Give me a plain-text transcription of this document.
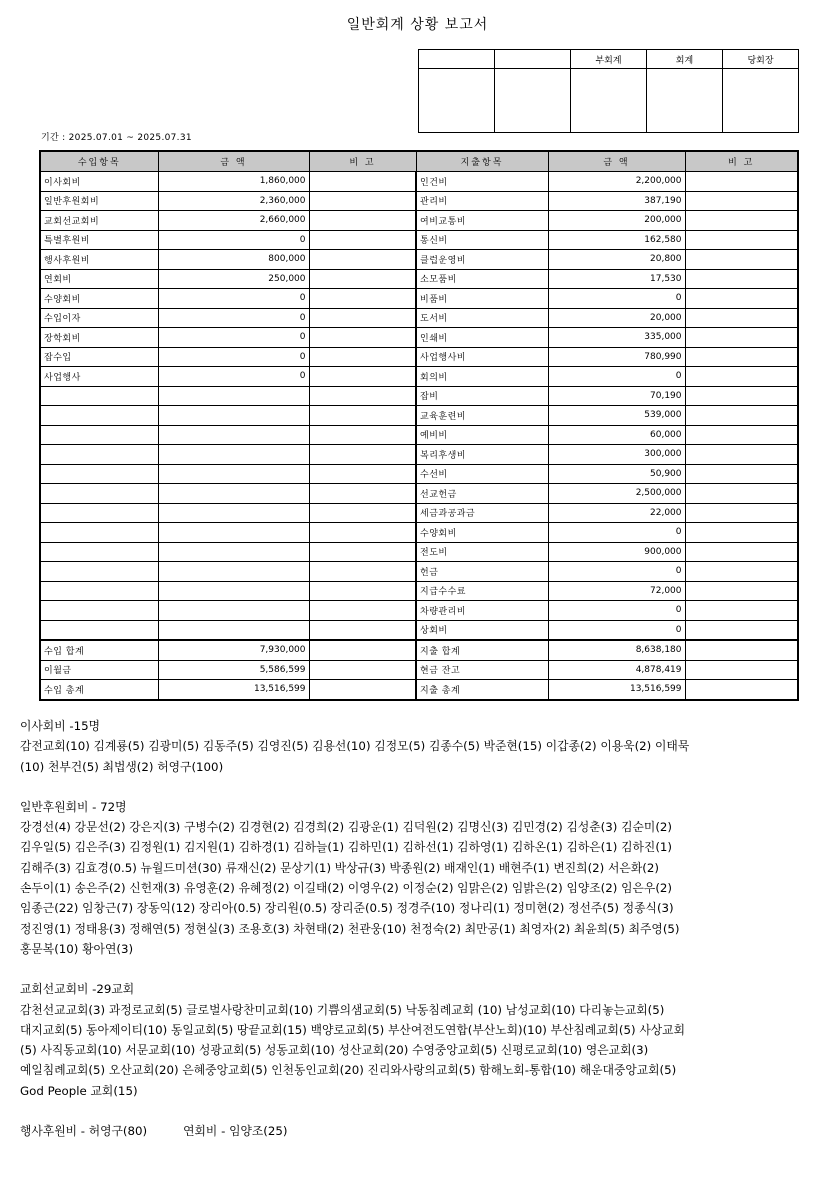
일반회계 상황 보고서
		부회계	회계	당회장

기간 : 2025.07.01 ~ 2025.07.31
수입항목	금 액	비 고	지출항목	금 액	비 고
이사회비	1,860,000		인건비	2,200,000	
일반후원회비	2,360,000		관리비	387,190	
교회선교회비	2,660,000		여비교통비	200,000	
특별후원비	0		통신비	162,580	
행사후원비	800,000		클럽운영비	20,800	
연회비	250,000		소모품비	17,530	
수양회비	0		비품비	0	
수입이자	0		도서비	20,000	
장학회비	0		인쇄비	335,000	
잡수입	0		사업행사비	780,990	
사업행사	0		회의비	0	
			잡비	70,190	
			교육훈련비	539,000	
			예비비	60,000	
			복리후생비	300,000	
			수선비	50,900	
			선교헌금	2,500,000	
			세금과공과금	22,000	
			수양회비	0	
			전도비	900,000	
			헌금	0	
			지급수수료	72,000	
			차량관리비	0	
			상회비	0	
수입 합계	7,930,000		지출 합계	8,638,180	
이월금	5,586,599		현금 잔고	4,878,419	
수입 총계	13,516,599		지출 총계	13,516,599	

이사회비 -15명

감전교회(10) 김계룡(5) 김광미(5) 김동주(5) 김영진(5) 김용선(10) 김정모(5) 김종수(5) 박준현(15) 이갑종(2) 이용욱(2) 이태묵

(10) 천부건(5) 최법생(2) 허영구(100)

일반후원회비 - 72명

강경선(4) 강문선(2) 강은지(3) 구병수(2) 김경현(2) 김경희(2) 김광운(1) 김덕원(2) 김명신(3) 김민경(2) 김성춘(3) 김순미(2)

김우일(5) 김은주(3) 김정원(1) 김지원(1) 김하경(1) 김하늘(1) 김하민(1) 김하선(1) 김하영(1) 김하온(1) 김하은(1) 김하진(1)

김해주(3) 김효경(0.5) 뉴월드미션(30) 류재신(2) 문상기(1) 박상규(3) 박종원(2) 배재인(1) 배현주(1) 변진희(2) 서은화(2)

손두이(1) 송은주(2) 신헌재(3) 유영훈(2) 유혜정(2) 이길태(2) 이영우(2) 이정순(2) 임맑은(2) 임밝은(2) 임양조(2) 임은우(2)

임종근(22) 임창근(7) 장동익(12) 장리아(0.5) 장리원(0.5) 장리준(0.5) 정경주(10) 정나리(1) 정미현(2) 정선주(5) 정종식(3)

정진영(1) 정태용(3) 정해연(5) 정현실(3) 조용호(3) 차현태(2) 천관웅(10) 천정숙(2) 최만공(1) 최영자(2) 최윤희(5) 최주영(5)

홍문복(10) 황아연(3)

교회선교회비 -29교회

감천선교교회(3) 과정로교회(5) 글로벌사랑찬미교회(10) 기쁨의샘교회(5) 낙동침례교회 (10) 남성교회(10) 다리놓는교회(5)

대지교회(5) 동아제이티(10) 동일교회(5) 땅끝교회(15) 백양로교회(5) 부산여전도연합(부산노회)(10) 부산침례교회(5) 사상교회

(5) 사직동교회(10) 서문교회(10) 성광교회(5) 성동교회(10) 성산교회(20) 수영중앙교회(5) 신평로교회(10) 영은교회(3)

예일침례교회(5) 오산교회(20) 은혜중앙교회(5) 인천동인교회(20) 진리와사랑의교회(5) 함해노회-통합(10) 해운대중앙교회(5)

God People 교회(15)

행사후원비 - 허영구(80)	연회비 - 임양조(25)
